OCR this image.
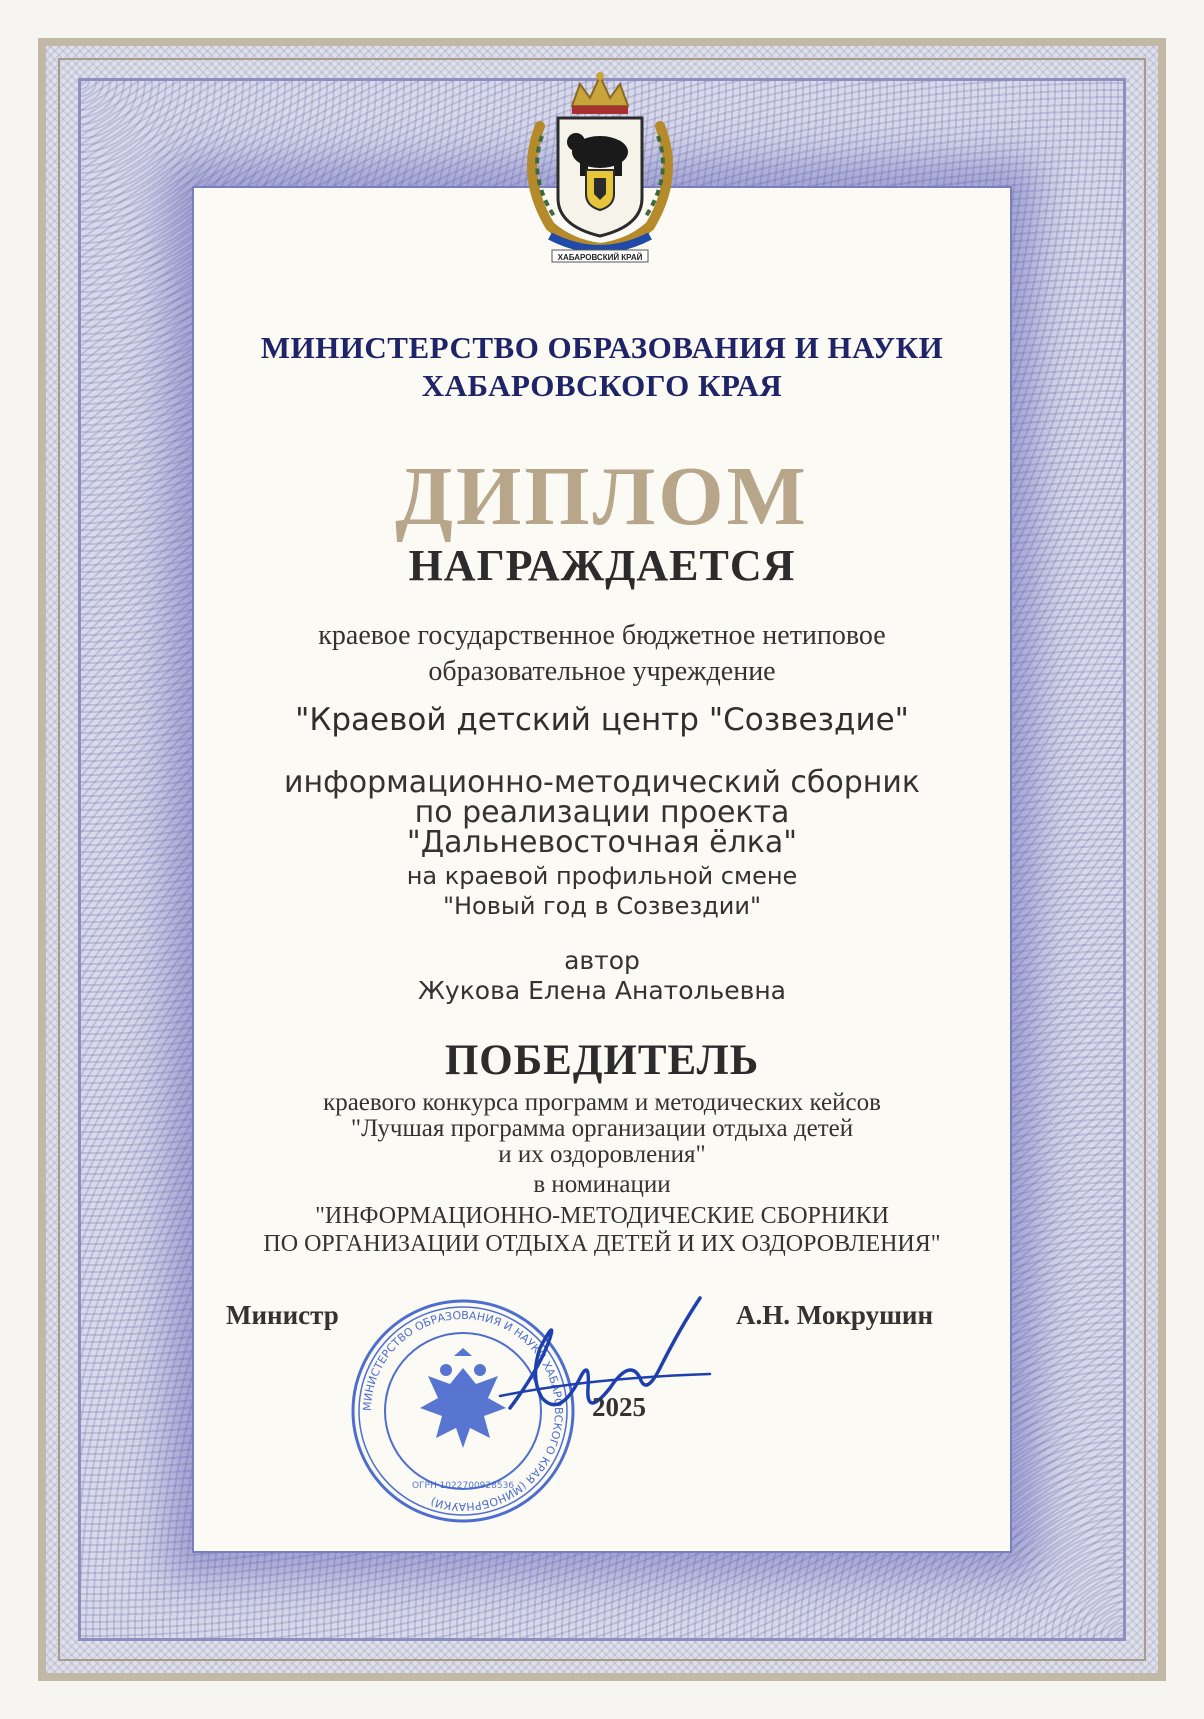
ХАБАРОВСКИЙ КРАЙ
МИНИСТЕРСТВО ОБРАЗОВАНИЯ И НАУКИ
ХАБАРОВСКОГО КРАЯ
ДИПЛОМ
НАГРАЖДАЕТСЯ
краевое государственное бюджетное нетиповое
образовательное учреждение
"Краевой детский центр "Созвездие"
информационно-методический сборник
по реализации проекта
"Дальневосточная ёлка"
на краевой профильной смене
"Новый год в Созвездии"
автор
Жукова Елена Анатольевна
ПОБЕДИТЕЛЬ
краевого конкурса программ и методических кейсов
"Лучшая программа организации отдыха детей
и их оздоровления"
в номинации
"ИНФОРМАЦИОННО-МЕТОДИЧЕСКИЕ СБОРНИКИ
ПО ОРГАНИЗАЦИИ ОТДЫХА ДЕТЕЙ И ИХ ОЗДОРОВЛЕНИЯ"
МИНИСТЕРСТВО ОБРАЗОВАНИЯ И НАУКИ ХАБАРОВСКОГО КРАЯ (МИНОБРНАУКИ)
ОГРН 1022700928536
Министр
2025
А.Н. Мокрушин
